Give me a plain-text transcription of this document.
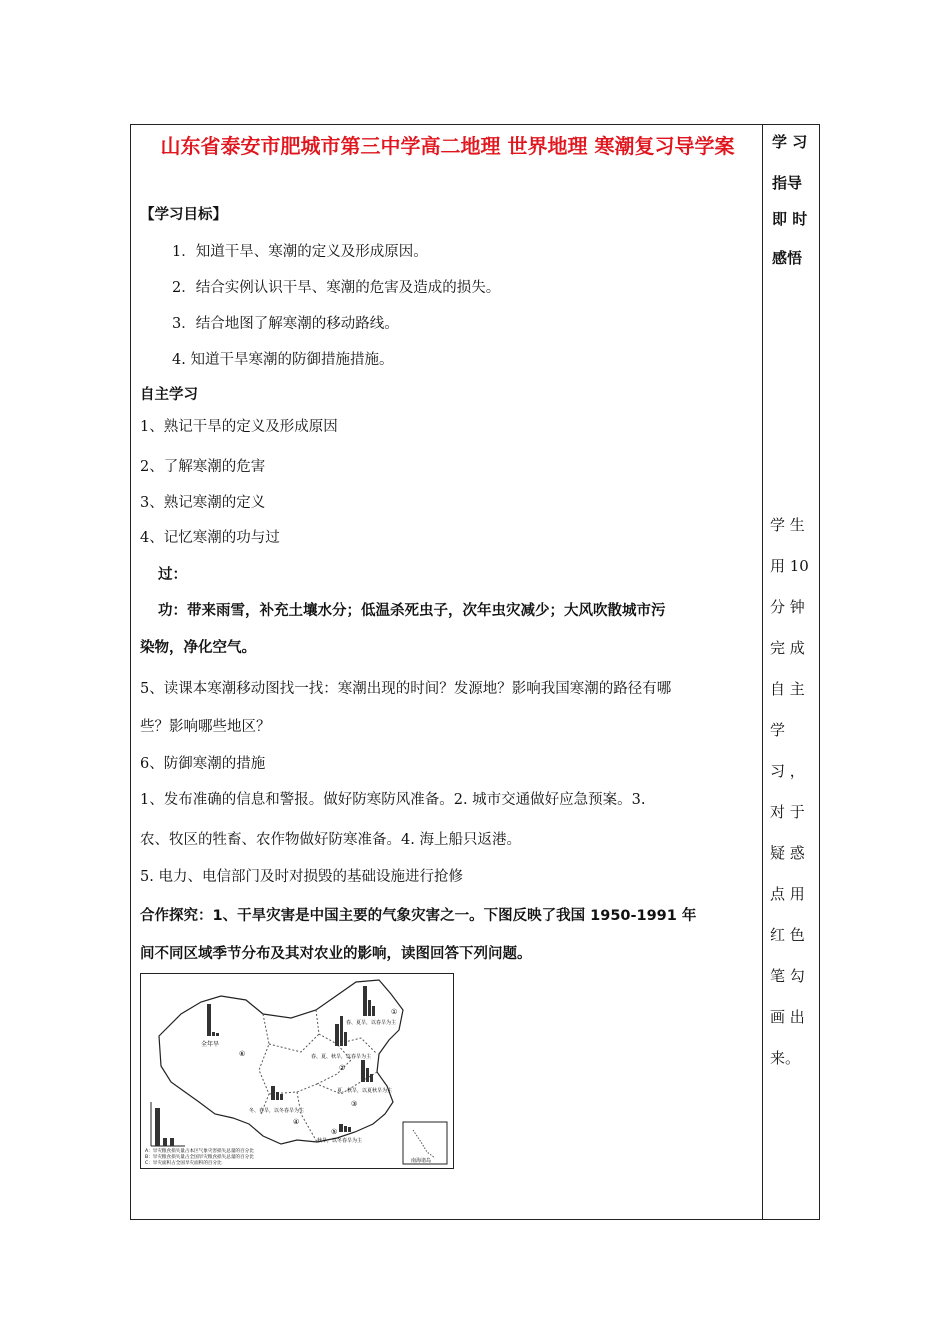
山东省泰安市肥城市第三中学高二地理 世界地理 寒潮复习导学案

【学习目标】
1．知道干旱、寒潮的定义及形成原因。
2．结合实例认识干旱、寒潮的危害及造成的损失。
3．结合地图了解寒潮的移动路线。
4. 知道干旱寒潮的防御措施措施。
自主学习
1、熟记干旱的定义及形成原因
2、了解寒潮的危害
3、熟记寒潮的定义
4、记忆寒潮的功与过
过：
功：带来雨雪，补充土壤水分；低温杀死虫子，次年虫灾减少；大风吹散城市污
染物，净化空气。
5、读课本寒潮移动图找一找：寒潮出现的时间？发源地？影响我国寒潮的路径有哪
些？影响哪些地区？
6、防御寒潮的措施
1、发布准确的信息和警报。做好防寒防风准备。2. 城市交通做好应急预案。3.
农、牧区的牲畜、农作物做好防寒准备。4. 海上船只返港。
5. 电力、电信部门及时对损毁的基础设施进行抢修
合作探究：1、干旱灾害是中国主要的气象灾害之一。下图反映了我国 1950-1991 年
间不同区域季节分布及其对农业的影响，读图回答下列问题。
学 习
指导
即 时
感悟
学 生
用 10
分 钟
完 成
自 主
学
习 ，
对 于
疑 惑
点 用
红 色
笔 勾
画 出
来。
全年旱
春、夏旱，以春旱为主
春、夏、秋旱，以春旱为主
冬、春旱，以冬春旱为主
夏、秋旱，以夏秋旱为主
秋旱，以冬春旱为主
⑥
①
②
③
④
⑤
南海诸岛
A：旱灾粮食损失量占本区气象灾害损失总量的百分比
B：旱灾粮食损失量占全国旱灾粮食损失总量的百分比
C：旱灾面积占全国旱灾面积的百分比
